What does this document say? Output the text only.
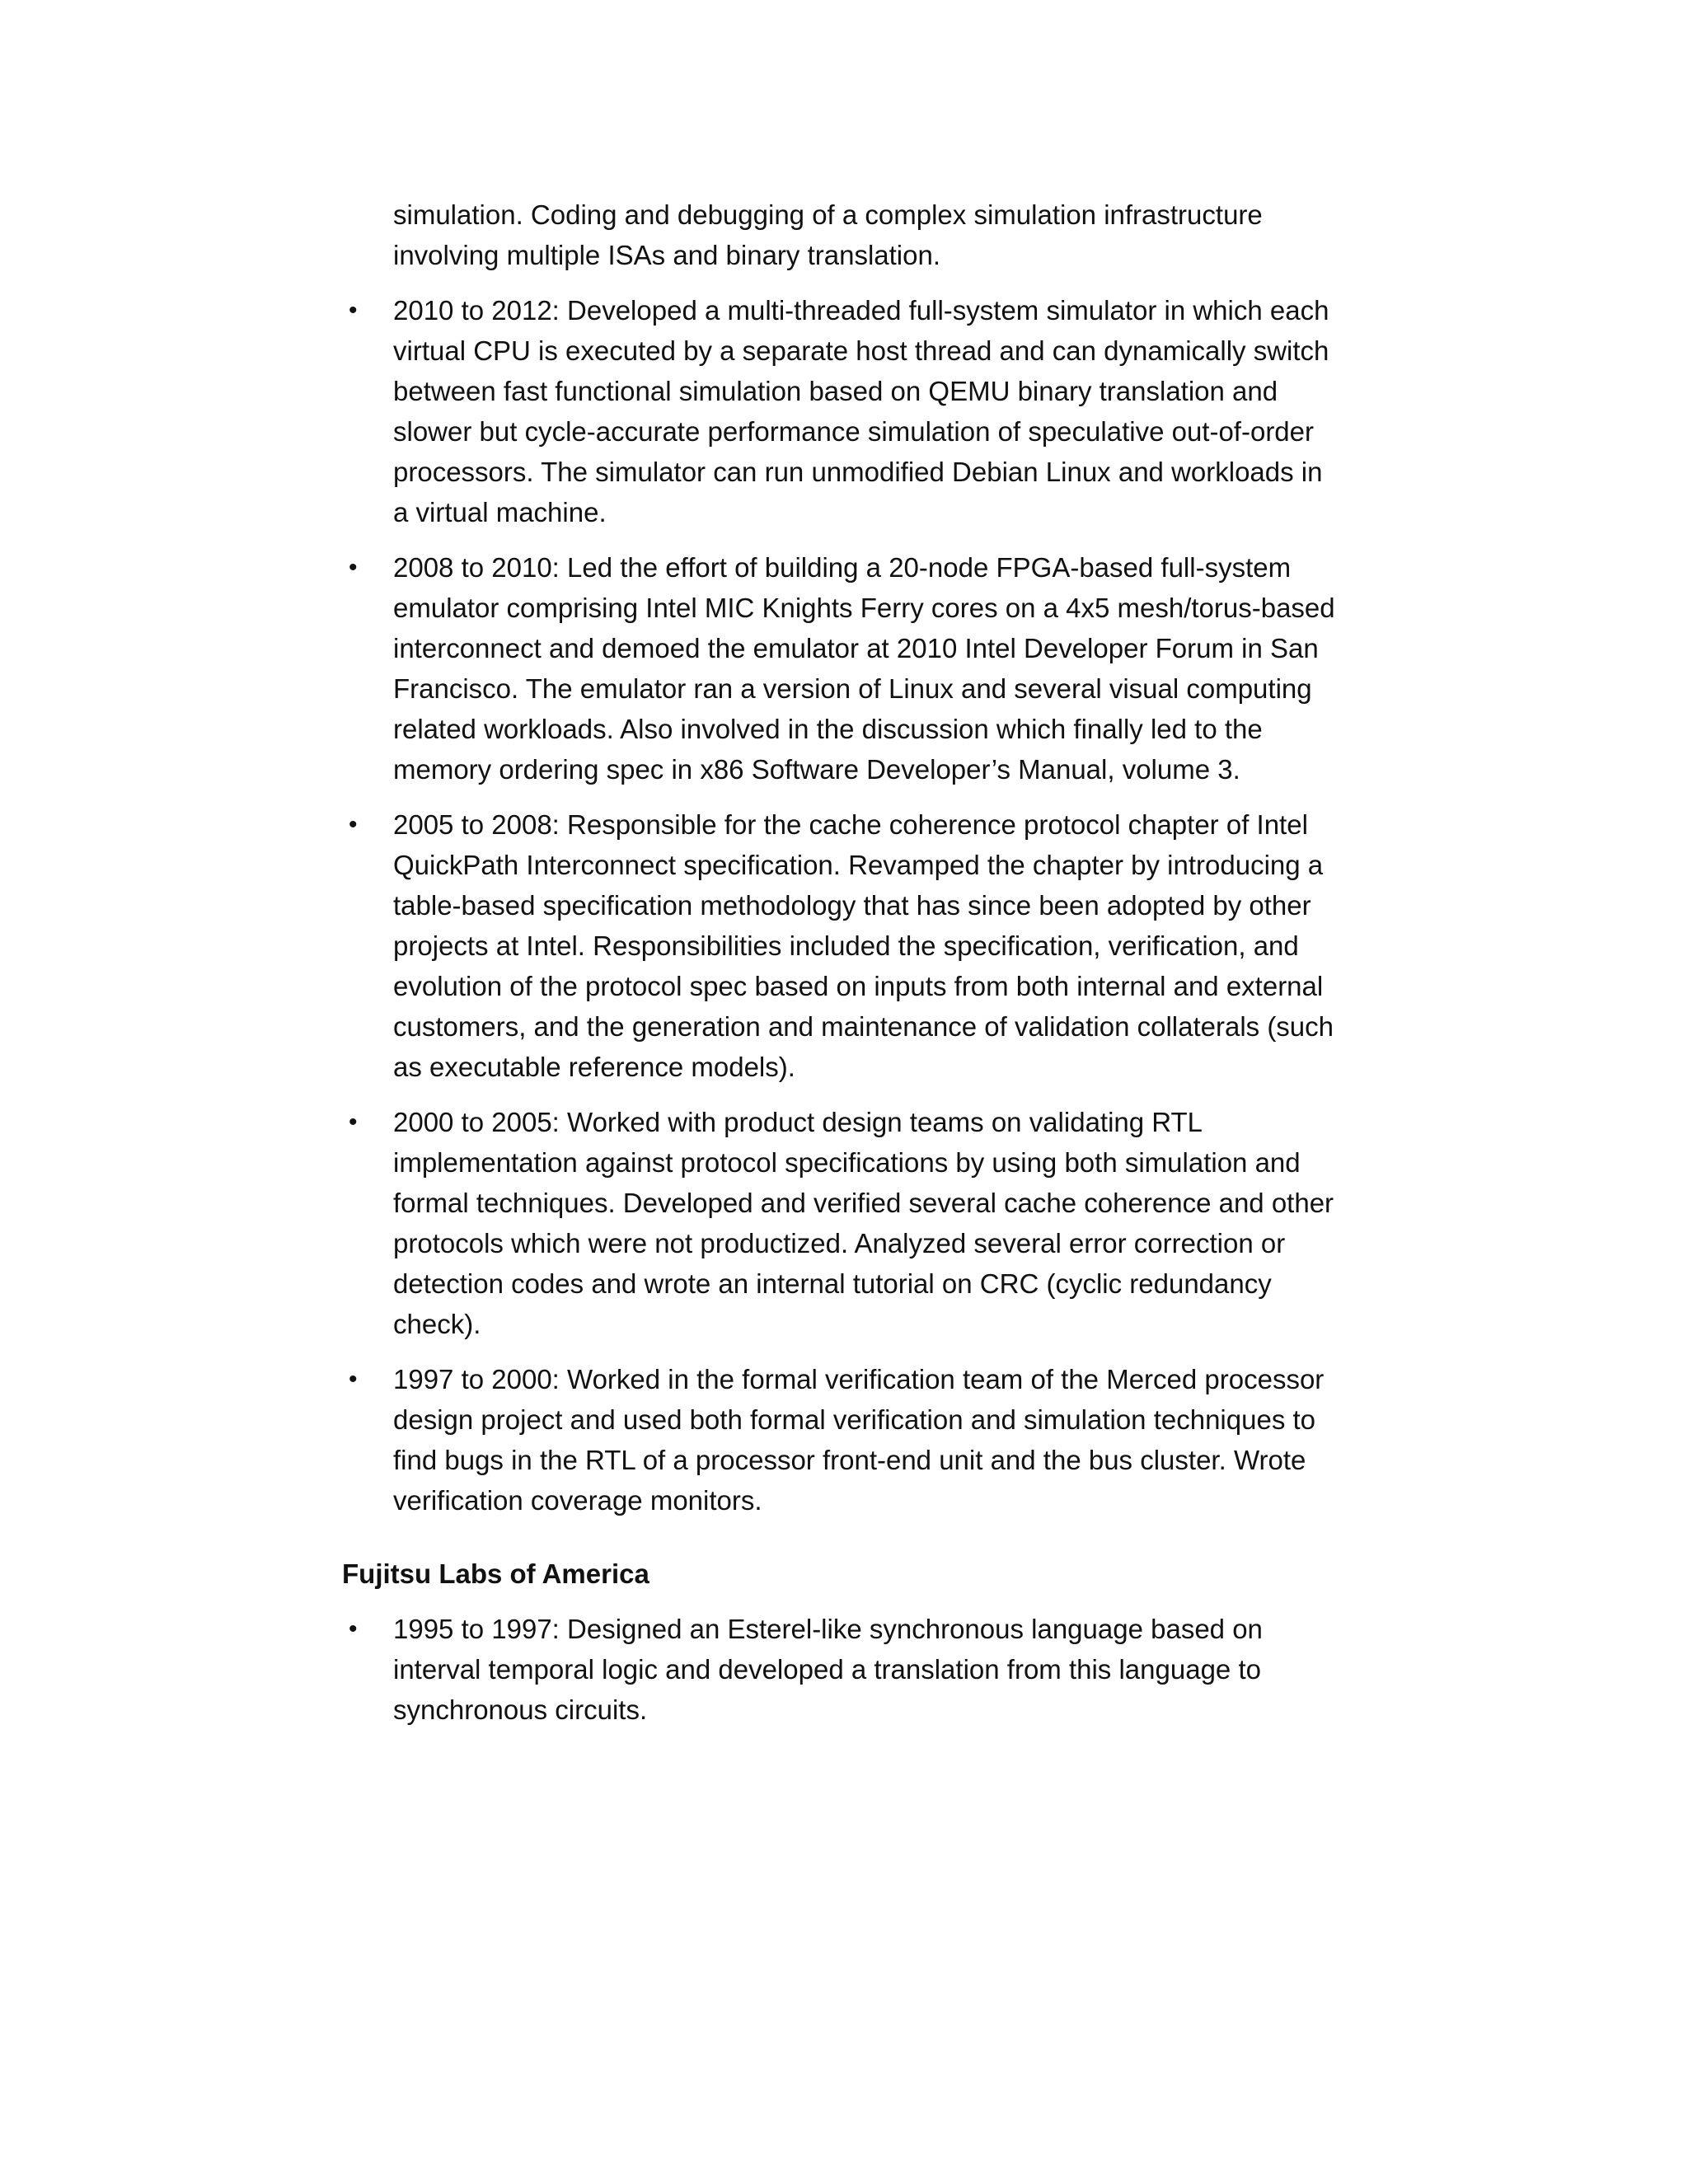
simulation. Coding and debugging of a complex simulation infrastructure involving multiple ISAs and binary translation.
• 2010 to 2012: Developed a multi-threaded full-system simulator in which each virtual CPU is executed by a separate host thread and can dynamically switch between fast functional simulation based on QEMU binary translation and slower but cycle-accurate performance simulation of speculative out-of-order processors. The simulator can run unmodified Debian Linux and workloads in a virtual machine.
• 2008 to 2010: Led the effort of building a 20-node FPGA-based full-system emulator comprising Intel MIC Knights Ferry cores on a 4x5 mesh/torus-based interconnect and demoed the emulator at 2010 Intel Developer Forum in San Francisco. The emulator ran a version of Linux and several visual computing related workloads. Also involved in the discussion which finally led to the memory ordering spec in x86 Software Developer’s Manual, volume 3.
• 2005 to 2008: Responsible for the cache coherence protocol chapter of Intel QuickPath Interconnect specification. Revamped the chapter by introducing a table-based specification methodology that has since been adopted by other projects at Intel. Responsibilities included the specification, verification, and evolution of the protocol spec based on inputs from both internal and external customers, and the generation and maintenance of validation collaterals (such as executable reference models).
• 2000 to 2005: Worked with product design teams on validating RTL implementation against protocol specifications by using both simulation and formal techniques. Developed and verified several cache coherence and other protocols which were not productized. Analyzed several error correction or detection codes and wrote an internal tutorial on CRC (cyclic redundancy check).
• 1997 to 2000: Worked in the formal verification team of the Merced processor design project and used both formal verification and simulation techniques to find bugs in the RTL of a processor front-end unit and the bus cluster. Wrote verification coverage monitors.
Fujitsu Labs of America
• 1995 to 1997: Designed an Esterel-like synchronous language based on interval temporal logic and developed a translation from this language to synchronous circuits.
